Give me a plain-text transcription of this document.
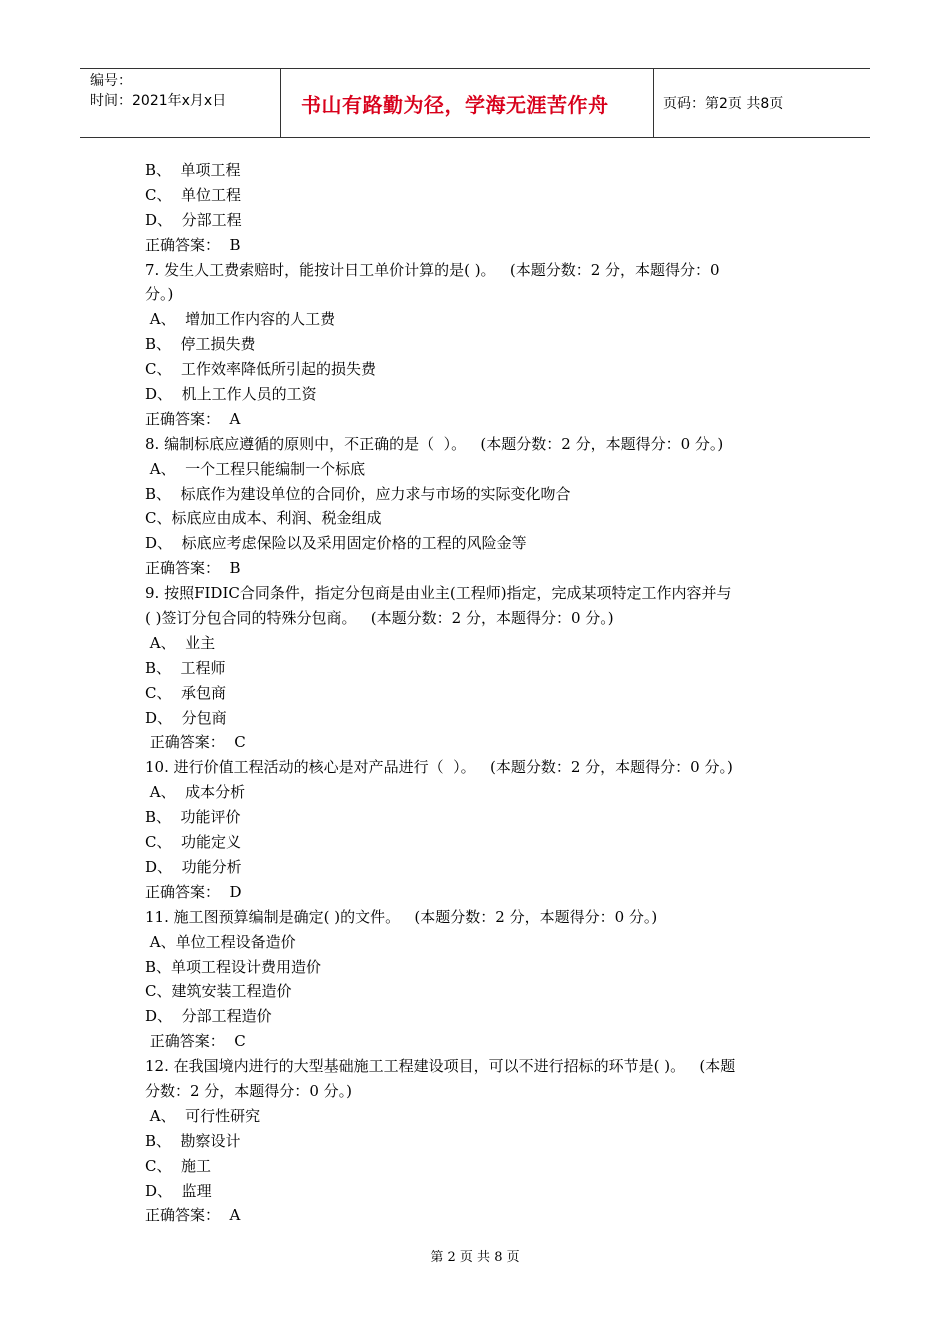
编号：
时间：2021年x月x日	书山有路勤为径，学海无涯苦作舟	页码：第2页 共8页
B、  单项工程
C、  单位工程
D、  分部工程
正确答案：  B
7. 发生人工费索赔时，能按计日工单价计算的是( )。   (本题分数：2 分，本题得分：0
分。)
A、  增加工作内容的人工费
B、  停工损失费
C、  工作效率降低所引起的损失费
D、  机上工作人员的工资
正确答案：  A
8. 编制标底应遵循的原则中，不正确的是（  ）。   (本题分数：2 分，本题得分：0 分。)
A、  一个工程只能编制一个标底
B、  标底作为建设单位的合同价，应力求与市场的实际变化吻合
C、标底应由成本、利润、税金组成
D、  标底应考虑保险以及采用固定价格的工程的风险金等
正确答案：  B
9. 按照FIDIC合同条件，指定分包商是由业主(工程师)指定，完成某项特定工作内容并与
( )签订分包合同的特殊分包商。   (本题分数：2 分，本题得分：0 分。)
A、  业主
B、  工程师
C、  承包商
D、  分包商
正确答案：  C
10. 进行价值工程活动的核心是对产品进行（  ）。   (本题分数：2 分，本题得分：0 分。)
A、  成本分析
B、  功能评价
C、  功能定义
D、  功能分析
正确答案：  D
11. 施工图预算编制是确定( )的文件。   (本题分数：2 分，本题得分：0 分。)
A、单位工程设备造价
B、单项工程设计费用造价
C、建筑安装工程造价
D、  分部工程造价
正确答案：  C
12. 在我国境内进行的大型基础施工工程建设项目，可以不进行招标的环节是( )。   (本题
分数：2 分，本题得分：0 分。)
A、  可行性研究
B、  勘察设计
C、  施工
D、  监理
正确答案：  A
第 2 页 共 8 页
